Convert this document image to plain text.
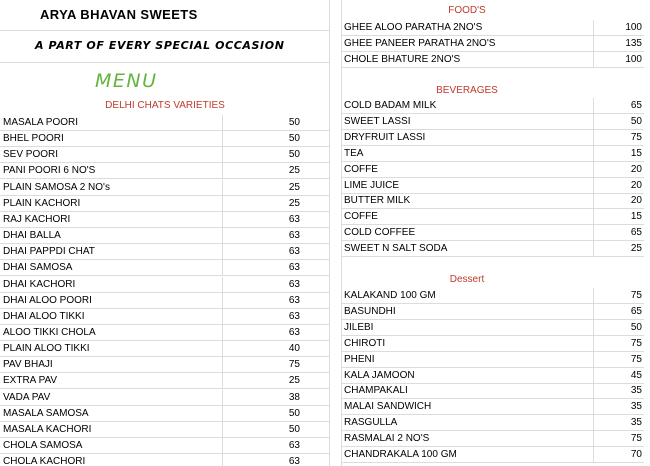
ARYA BHAVAN SWEETS
A PART OF EVERY SPECIAL OCCASION
MENU
DELHI CHATS VARIETIES
MASALA POORI	50
BHEL POORI	50
SEV POORI	50
PANI POORI 6 NO'S	25
PLAIN SAMOSA 2 NO's	25
PLAIN KACHORI	25
RAJ KACHORI	63
DHAI BALLA	63
DHAI PAPPDI CHAT	63
DHAI SAMOSA	63
DHAI KACHORI	63
DHAI ALOO POORI	63
DHAI ALOO TIKKI	63
ALOO TIKKI CHOLA	63
PLAIN ALOO TIKKI	40
PAV BHAJI	75
EXTRA PAV	25
VADA PAV	38
MASALA SAMOSA	50
MASALA KACHORI	50
CHOLA SAMOSA	63
CHOLA KACHORI	63
FOOD'S
GHEE ALOO PARATHA 2NO'S	100
GHEE PANEER PARATHA 2NO'S	135
CHOLE BHATURE 2NO'S	100
BEVERAGES
COLD BADAM MILK	65
SWEET LASSI	50
DRYFRUIT LASSI	75
TEA	15
COFFE	20
LIME JUICE	20
BUTTER MILK	20
COFFE	15
COLD COFFEE	65
SWEET N SALT SODA	25
Dessert
KALAKAND 100 GM	75
BASUNDHI	65
JILEBI	50
CHIROTI	75
PHENI	75
KALA JAMOON	45
CHAMPAKALI	35
MALAI SANDWICH	35
RASGULLA	35
RASMALAI 2 NO'S	75
CHANDRAKALA 100 GM	70
